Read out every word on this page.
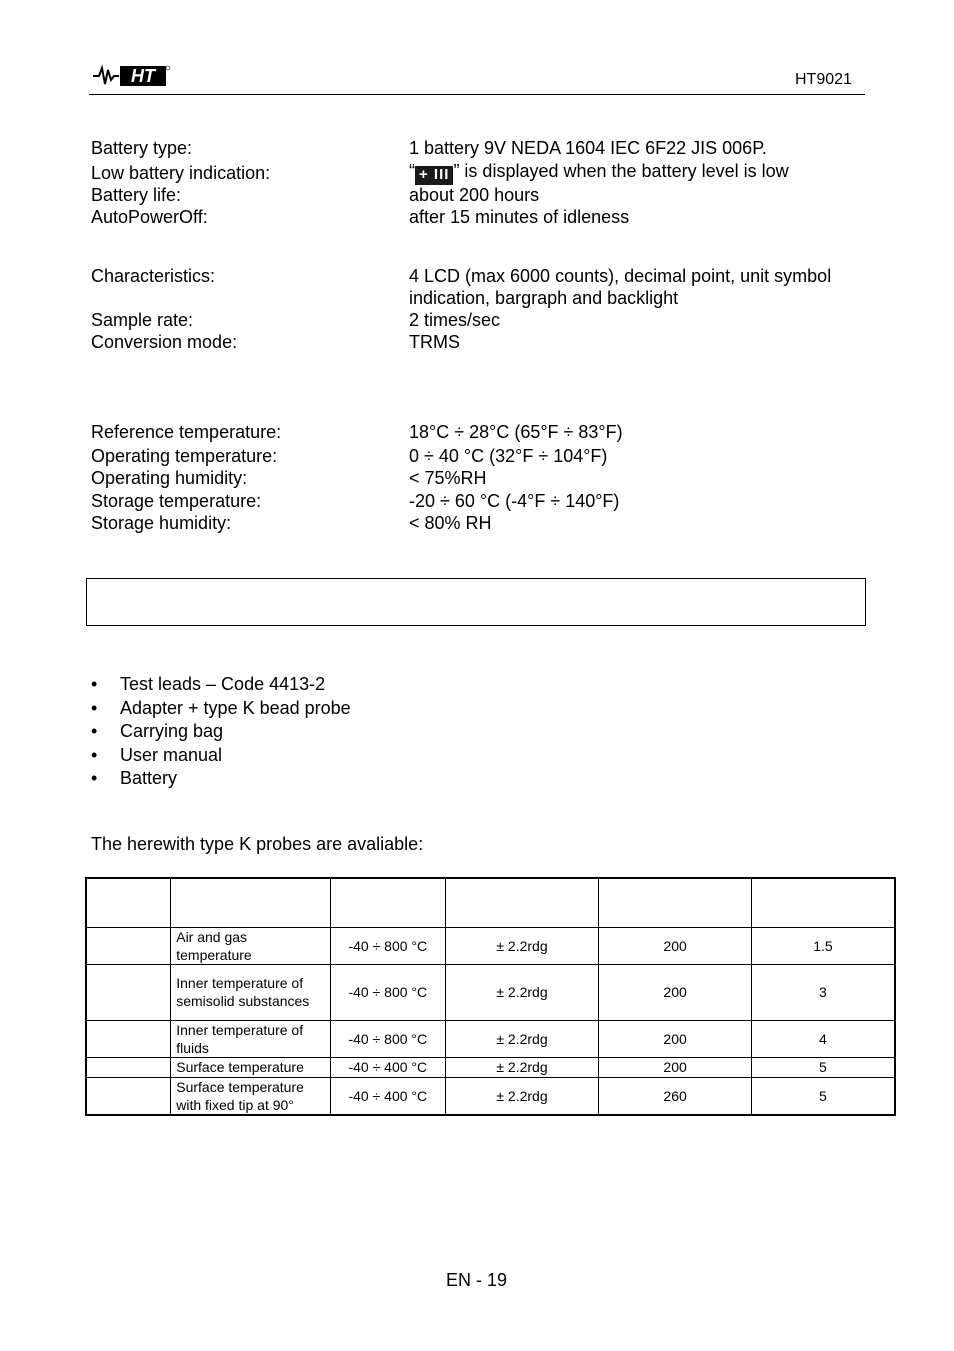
HT	HT9021
Battery type:	1 battery 9V NEDA 1604 IEC 6F22 JIS 006P.
Low battery indication:	“ + III ” is displayed when the battery level is low
Battery life:	about 200 hours
AutoPowerOff:	after 15 minutes of idleness
Characteristics:	4 LCD (max 6000 counts), decimal point, unit symbol
indication, bargraph and backlight
Sample rate:	2 times/sec
Conversion mode:	TRMS
Reference temperature:	18°C ÷ 28°C (65°F ÷ 83°F)
Operating temperature:	0 ÷ 40 °C (32°F ÷ 104°F)
Operating humidity:	< 75%RH
Storage temperature:	-20 ÷ 60 °C (-4°F ÷ 140°F)
Storage humidity:	< 80% RH
• Test leads – Code 4413-2
• Adapter + type K bead probe
• Carrying bag
• User manual
• Battery
The herewith type K probes are avaliable:

	Air and gas temperature	-40 ÷ 800 °C	± 2.2rdg	200	1.5
	Inner temperature of semisolid substances	-40 ÷ 800 °C	± 2.2rdg	200	3
	Inner temperature of fluids	-40 ÷ 800 °C	± 2.2rdg	200	4
	Surface temperature	-40 ÷ 400 °C	± 2.2rdg	200	5
	Surface temperature with fixed tip at 90°	-40 ÷ 400 °C	± 2.2rdg	260	5
EN - 19
